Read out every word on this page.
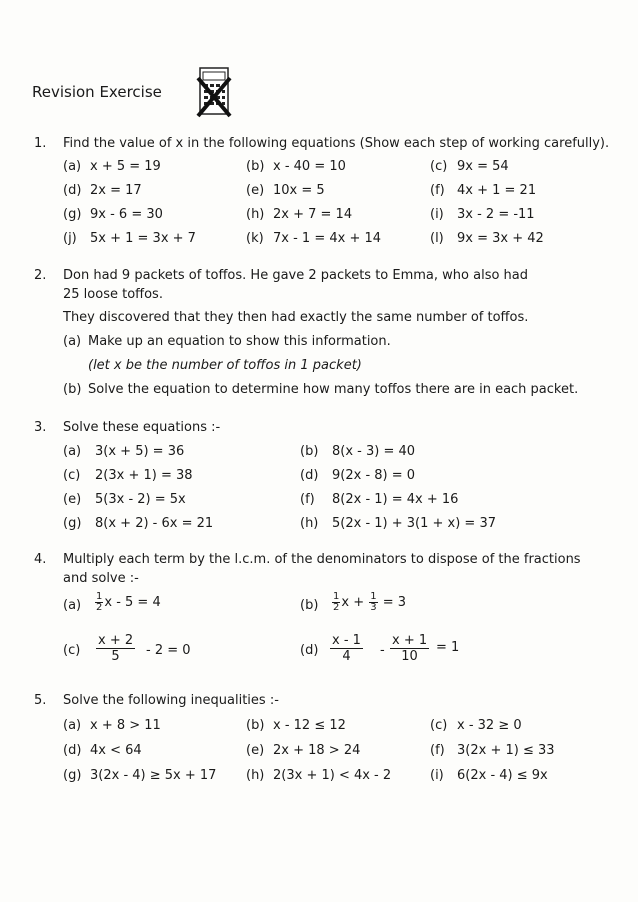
Revision Exercise
1. Find the value of x in the following equations (Show each step of working carefully).
(a) x + 5 = 19	(b) x - 40 = 10	(c) 9x = 54
(d) 2x = 17	(e) 10x = 5	(f) 4x + 1 = 21
(g) 9x - 6 = 30	(h) 2x + 7 = 14	(i) 3x - 2 = -11
(j) 5x + 1 = 3x + 7	(k) 7x - 1 = 4x + 14	(l) 9x = 3x + 42
2. Don had 9 packets of toffos. He gave 2 packets to Emma, who also had
25 loose toffos.
They discovered that they then had exactly the same number of toffos.
(a) Make up an equation to show this information.
(let x be the number of toffos in 1 packet)
(b) Solve the equation to determine how many toffos there are in each packet.
3. Solve these equations :-
(a) 3(x + 5) = 36	(b) 8(x - 3) = 40
(c) 2(3x + 1) = 38	(d) 9(2x - 8) = 0
(e) 5(3x - 2) = 5x	(f) 8(2x - 1) = 4x + 16
(g) 8(x + 2) - 6x = 21	(h) 5(2x - 1) + 3(1 + x) = 37
4. Multiply each term by the l.c.m. of the denominators to dispose of the fractions
and solve :-
$(a) \frac{1}{2}$ x - 5 = 4	$(b) \frac{1}{2}$ $x + \frac{1}{3} = 3$
$(c) \frac{x + 2}{5} - 2 = 0$	$(d) \frac{x - 1}{4} - \frac{x + 1}{10} = 1$
5. Solve the following inequalities :-
(a) x + 8 > 11	(b) x - 12 ≤ 12	(c) x - 32 ≥ 0
(d) 4x < 64	(e) 2x + 18 > 24	(f) 3(2x + 1) ≤ 33
(g) 3(2x - 4) ≥ 5x + 17 (h) 2(3x + 1) < 4x - 2	(i) 6(2x - 4) ≤ 9x
